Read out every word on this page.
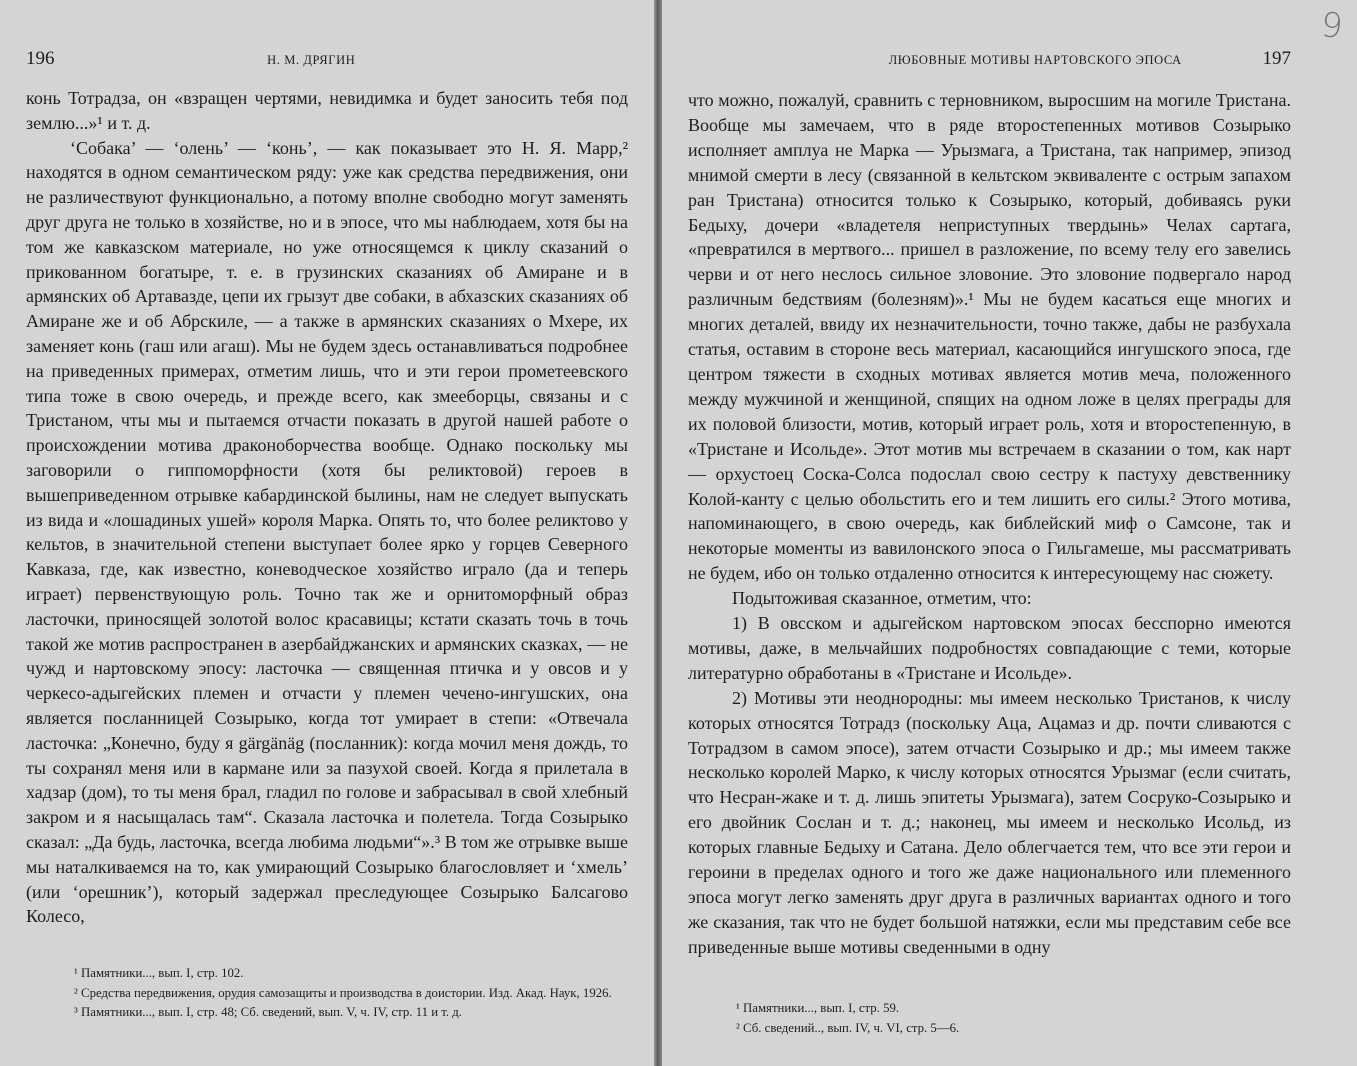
196	Н. М. ДРЯГИН

конь Тотрадза, он «взращен чертями, невидимка и будет заносить тебя под землю...»¹ и т. д.

‘Собака’ — ‘олень’ — ‘конь’, — как показывает это Н. Я. Марр,² находятся в одном семантическом ряду: уже как средства передвижения, они не различествуют функционально, а потому вполне свободно могут заменять друг друга не только в хозяйстве, но и в эпосе, что мы наблюдаем, хотя бы на том же кавказском материале, но уже относящемся к циклу сказаний о прикованном богатыре, т. е. в грузинских сказаниях об Амиране и в армянских об Артавазде, цепи их грызут две собаки, в абхазских сказаниях об Амиране же и об Абрскиле, — а также в армянских сказаниях о Мхере, их заменяет конь (гаш или агаш). Мы не будем здесь останавливаться подробнее на приведенных примерах, отметим лишь, что и эти герои прометеевского типа тоже в свою очередь, и прежде всего, как змееборцы, связаны и с Тристаном, чты мы и пытаемся отчасти показать в другой нашей работе о происхождении мотива драконоборчества вообще. Однако поскольку мы заговорили о гиппоморфности (хотя бы реликтовой) героев в вышеприведенном отрывке кабардинской былины, нам не следует выпускать из вида и «лошадиных ушей» короля Марка. Опять то, что более реликтово у кельтов, в значительной степени выступает более ярко у горцев Северного Кавказа, где, как известно, коневодческое хозяйство играло (да и теперь играет) первенствующую роль. Точно так же и орнитоморфный образ ласточки, приносящей золотой волос красавицы; кстати сказать точь в точь такой же мотив распространен в азербайджанских и армянских сказках, — не чужд и нартовскому эпосу: ласточка — священная птичка и у овсов и у черкесо-адыгейских племен и отчасти у племен чечено-ингушских, она является посланницей Созырыко, когда тот умирает в степи: «Отвечала ласточка: „Конечно, буду я gärgänäg (посланник): когда мочил меня дождь, то ты сохранял меня или в кармане или за пазухой своей. Когда я прилетала в хадзар (дом), то ты меня брал, гладил по голове и забрасывал в свой хлебный закром и я насыщалась там“. Сказала ласточка и полетела. Тогда Созырыко сказал: „Да будь, ласточка, всегда любима людьми“».³ В том же отрывке выше мы наталкиваемся на то, как умирающий Созырыко благословляет и ‘хмель’ (или ‘орешник’), который задержал преследующее Созырыко Балсагово Колесо,

¹ Памятники..., вып. I, стр. 102.
² Средства передвижения, орудия самозащиты и производства в доистории. Изд. Акад. Наук, 1926.
³ Памятники..., вып. I, стр. 48; Сб. сведений, вып. V, ч. IV, стр. 11 и т. д.
ЛЮБОВНЫЕ МОТИВЫ НАРТОВСКОГО ЭПОСА	197

что можно, пожалуй, сравнить с терновником, выросшим на могиле Тристана. Вообще мы замечаем, что в ряде второстепенных мотивов Созырыко исполняет амплуа не Марка — Урызмага, а Тристана, так например, эпизод мнимой смерти в лесу (связанной в кельтском эквиваленте с острым запахом ран Тристана) относится только к Созырыко, который, добиваясь руки Бедыху, дочери «владетеля неприступных твердынь» Челах сартага, «превратился в мертвого... пришел в разложение, по всему телу его завелись черви и от него неслось сильное зловоние. Это зловоние подвергало народ различным бедствиям (болезням)».¹ Мы не будем касаться еще многих и многих деталей, ввиду их незначительности, точно также, дабы не разбухала статья, оставим в стороне весь материал, касающийся ингушского эпоса, где центром тяжести в сходных мотивах является мотив меча, положенного между мужчиной и женщиной, спящих на одном ложе в целях преграды для их половой близости, мотив, который играет роль, хотя и второстепенную, в «Тристане и Исольде». Этот мотив мы встречаем в сказании о том, как нарт — орхустоец Соска-Солса подослал свою сестру к пастуху девственнику Колой-канту с целью обольстить его и тем лишить его силы.² Этого мотива, напоминающего, в свою очередь, как библейский миф о Самсоне, так и некоторые моменты из вавилонского эпоса о Гильгамеше, мы рассматривать не будем, ибо он только отдаленно относится к интересующему нас сюжету.

Подытоживая сказанное, отметим, что:

1) В овсском и адыгейском нартовском эпосах бесспорно имеются мотивы, даже, в мельчайших подробностях совпадающие с теми, которые литературно обработаны в «Тристане и Исольде».

2) Мотивы эти неоднородны: мы имеем несколько Тристанов, к числу которых относятся Тотрадз (поскольку Аца, Ацамаз и др. почти сливаются с Тотрадзом в самом эпосе), затем отчасти Созырыко и др.; мы имеем также несколько королей Марко, к числу которых относятся Урызмаг (если считать, что Несран-жаке и т. д. лишь эпитеты Урызмага), затем Сосруко-Созырыко и его двойник Сослан и т. д.; наконец, мы имеем и несколько Исольд, из которых главные Бедыху и Сатана. Дело облегчается тем, что все эти герои и героини в пределах одного и того же даже национального или племенного эпоса могут легко заменять друг друга в различных вариантах одного и того же сказания, так что не будет большой натяжки, если мы представим себе все приведенные выше мотивы сведенными в одну

¹ Памятники..., вып. I, стр. 59.
² Сб. сведений.., вып. IV, ч. VI, стр. 5—6.
9
